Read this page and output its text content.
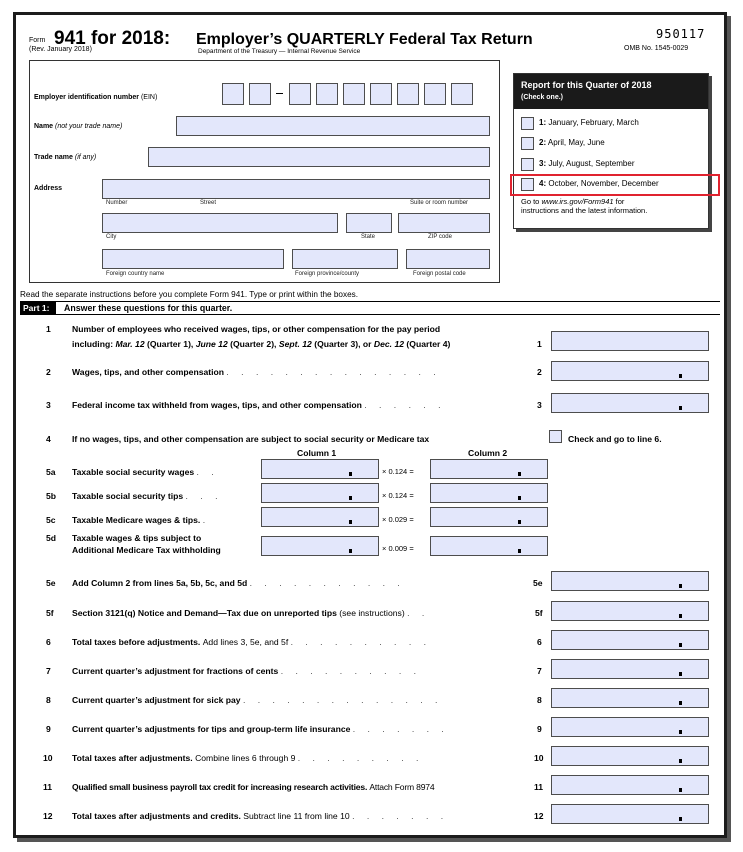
Form 941 for 2018:
(Rev. January 2018)
Employer’s QUARTERLY Federal Tax Return
Department of the Treasury — Internal Revenue Service
950117
OMB No. 1545-0029
Employer identification number (EIN)
Name (not your trade name)
Trade name (if any)
Address
Number	Street	Suite or room number
City	State	ZIP code
Foreign country name	Foreign province/county	Foreign postal code
Report for this Quarter of 2018
(Check one.)
1: January, February, March
2: April, May, June
3: July, August, September
4: October, November, December
Go to www.irs.gov/Form941 for
instructions and the latest information.
Read the separate instructions before you complete Form 941. Type or print within the boxes.
Part 1: Answer these questions for this quarter.
1 Number of employees who received wages, tips, or other compensation for the pay period
including: Mar. 12 (Quarter 1), June 12 (Quarter 2), Sept. 12 (Quarter 3), or Dec. 12 (Quarter 4)	1
2 Wages, tips, and other compensation . . . . . . . . . . . . . . .	2
3 Federal income tax withheld from wages, tips, and other compensation . . . . . .	3
4 If no wages, tips, and other compensation are subject to social security or Medicare tax	Check and go to line 6.
Column 1	Column 2
5a Taxable social security wages . .	× 0.124 =
5b Taxable social security tips . . .	× 0.124 =
5c Taxable Medicare wages & tips. .	× 0.029 =
5d Taxable wages & tips subject to
Additional Medicare Tax withholding	× 0.009 =
5e Add Column 2 from lines 5a, 5b, 5c, and 5d . . . . . . . . . . .	5e
5f Section 3121(q) Notice and Demand—Tax due on unreported tips (see instructions) . .	5f
6 Total taxes before adjustments. Add lines 3, 5e, and 5f . . . . . . . . . .	6
7 Current quarter’s adjustment for fractions of cents . . . . . . . . . .	7
8 Current quarter’s adjustment for sick pay . . . . . . . . . . . . . .	8
9 Current quarter’s adjustments for tips and group-term life insurance . . . . . . .	9
10 Total taxes after adjustments. Combine lines 6 through 9 . . . . . . . . .	10
11 Qualified small business payroll tax credit for increasing research activities. Attach Form 8974	11
12 Total taxes after adjustments and credits. Subtract line 11 from line 10 . . . . . . .	12
